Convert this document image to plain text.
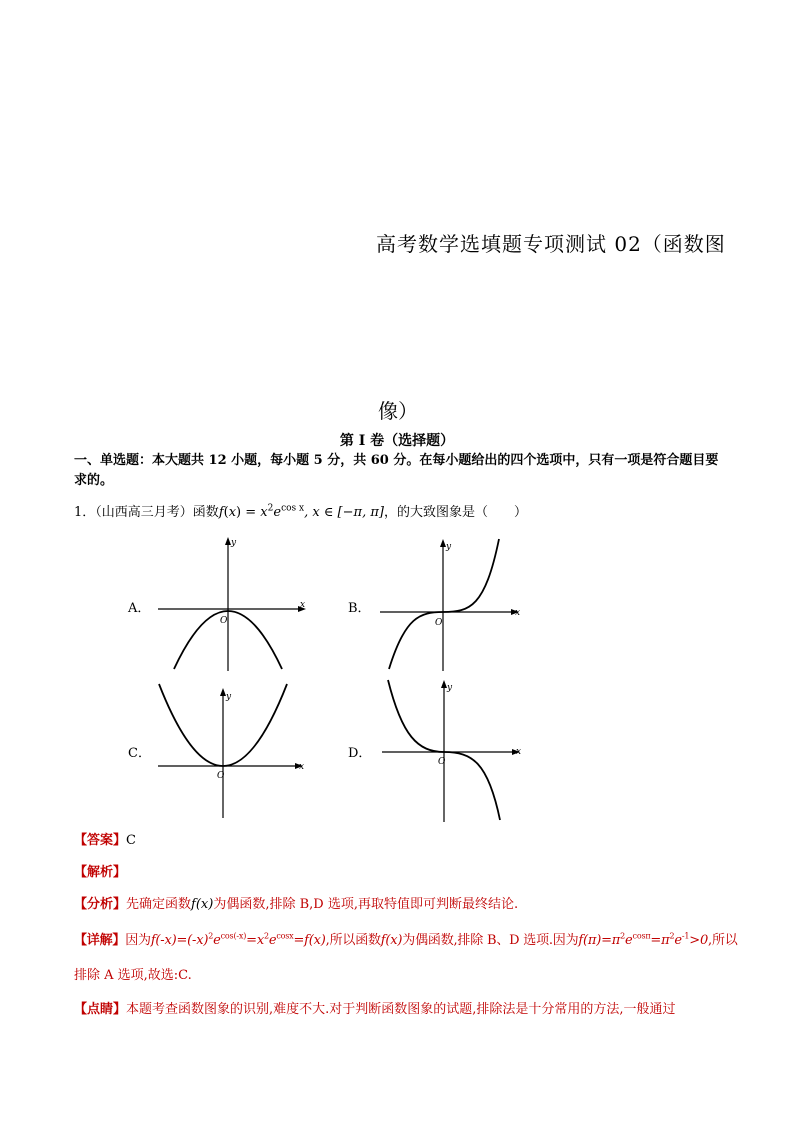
高考数学选填题专项测试 02（函数图
像）
第 I 卷（选择题）
一、单选题：本大题共 12 小题，每小题 5 分，共 60 分。在每小题给出的四个选项中，只有一项是符合题目要求的。
1．（山西高三月考）函数$f(x) = x^2e^{cos x}$, x ∈ [−π, π]，的大致图象是（　　）
A．	x
y
O
B．	x
y
O
C．
x
y
O
D．	x
y
O
【答案】C
【解析】
【分析】先确定函数f(x)为偶函数,排除 B,D 选项,再取特值即可判断最终结论.
【详解】因为$f(-x)=(-x)^2e^{cos(-x)}=x^2e^{cosx}=f(x)$,所以函数f(x)为偶函数,排除 B、D 选项.因为$f(\pi)=\pi^2e^{cos\pi}=\pi^2e^{-1}>0$,所以
排除 A 选项,故选:C.
【点睛】本题考查函数图象的识别,难度不大.对于判断函数图象的试题,排除法是十分常用的方法,一般通过
